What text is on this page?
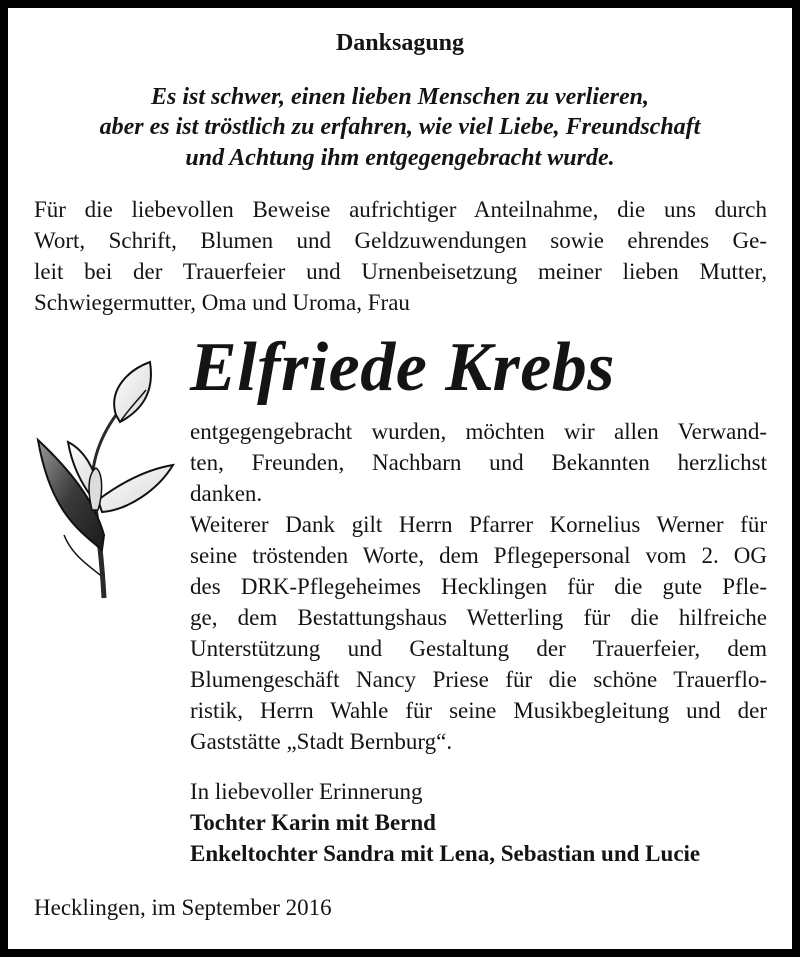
Danksagung
Es ist schwer, einen lieben Menschen zu verlieren,
aber es ist tröstlich zu erfahren, wie viel Liebe, Freundschaft
und Achtung ihm entgegengebracht wurde.
Für die liebevollen Beweise aufrichtiger Anteilnahme, die uns durch
Wort, Schrift, Blumen und Geldzuwendungen sowie ehrendes Ge-
leit bei der Trauerfeier und Urnenbeisetzung meiner lieben Mutter,
Schwiegermutter, Oma und Uroma, Frau
Elfriede Krebs
entgegengebracht wurden, möchten wir allen Verwand-
ten, Freunden, Nachbarn und Bekannten herzlichst
danken.
Weiterer Dank gilt Herrn Pfarrer Kornelius Werner für
seine tröstenden Worte, dem Pflegepersonal vom 2. OG
des DRK-Pflegeheimes Hecklingen für die gute Pfle-
ge, dem Bestattungshaus Wetterling für die hilfreiche
Unterstützung und Gestaltung der Trauerfeier, dem
Blumengeschäft Nancy Priese für die schöne Trauerflo-
ristik, Herrn Wahle für seine Musikbegleitung und der
Gaststätte „Stadt Bernburg“.
In liebevoller Erinnerung
Tochter Karin mit Bernd
Enkeltochter Sandra mit Lena, Sebastian und Lucie
Hecklingen, im September 2016
